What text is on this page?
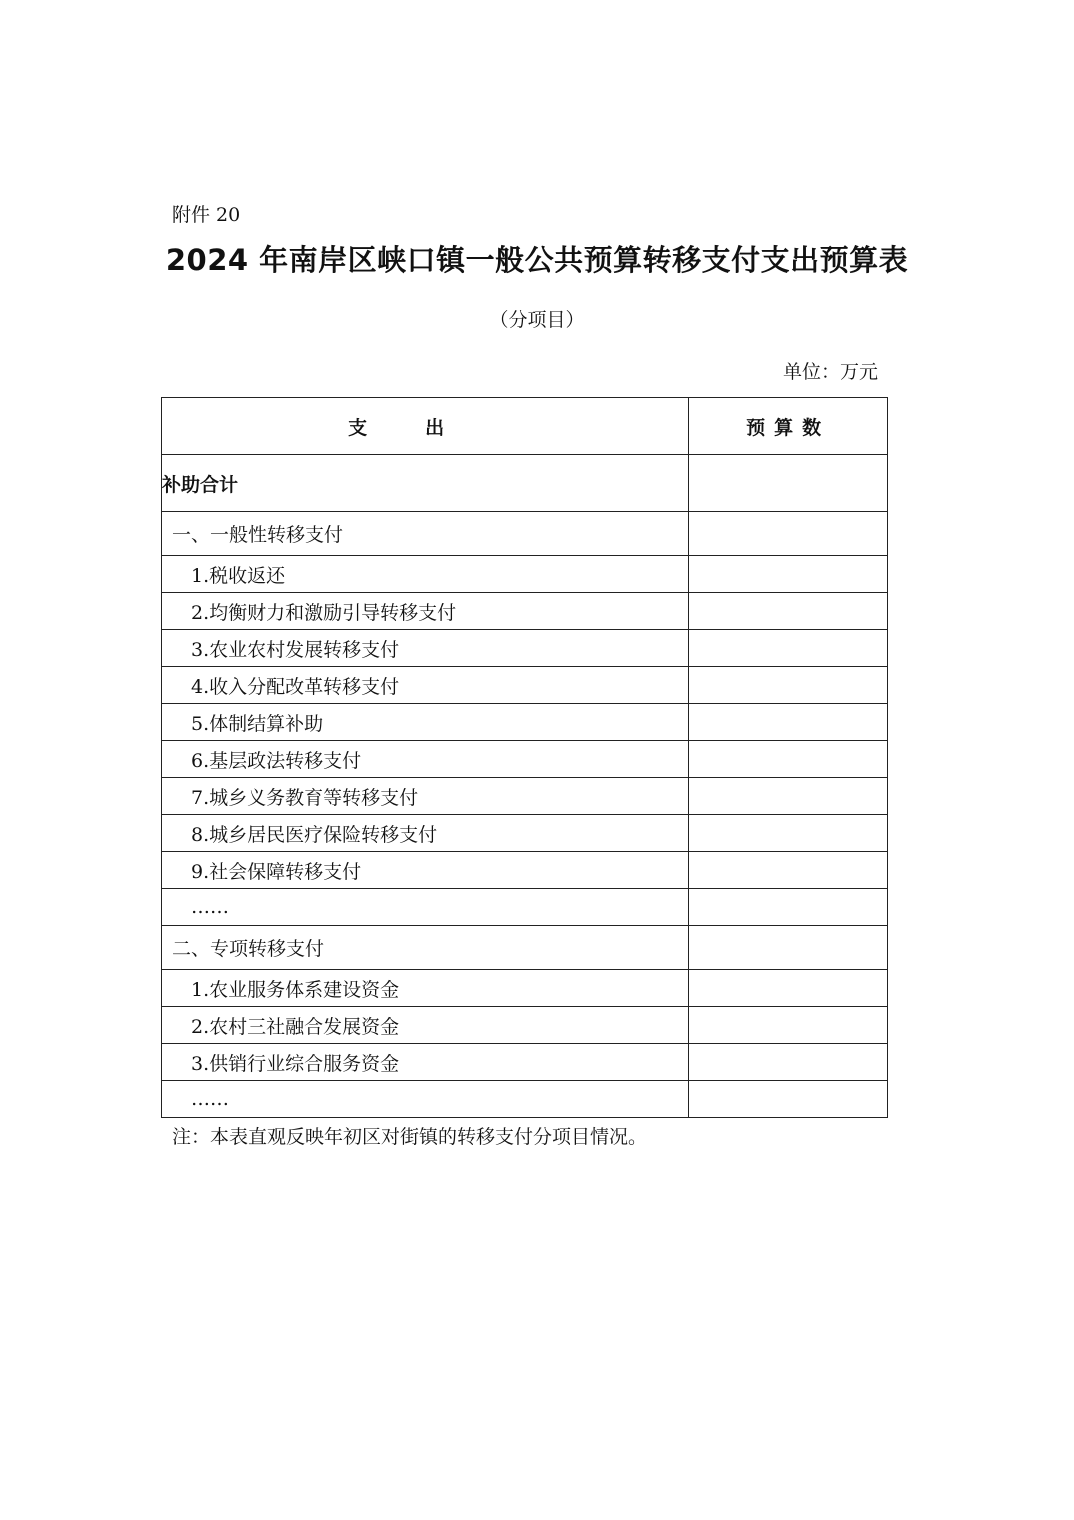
附件 20
2024 年南岸区峡口镇一般公共预算转移支付支出预算表
（分项目）
单位：万元
支出	预算数
补助合计	
一、一般性转移支付	
1.税收返还	
2.均衡财力和激励引导转移支付	
3.农业农村发展转移支付	
4.收入分配改革转移支付	
5.体制结算补助	
6.基层政法转移支付	
7.城乡义务教育等转移支付	
8.城乡居民医疗保险转移支付	
9.社会保障转移支付	
……	
二、专项转移支付	
1.农业服务体系建设资金	
2.农村三社融合发展资金	
3.供销行业综合服务资金	
……	
注：本表直观反映年初区对街镇的转移支付分项目情况。
